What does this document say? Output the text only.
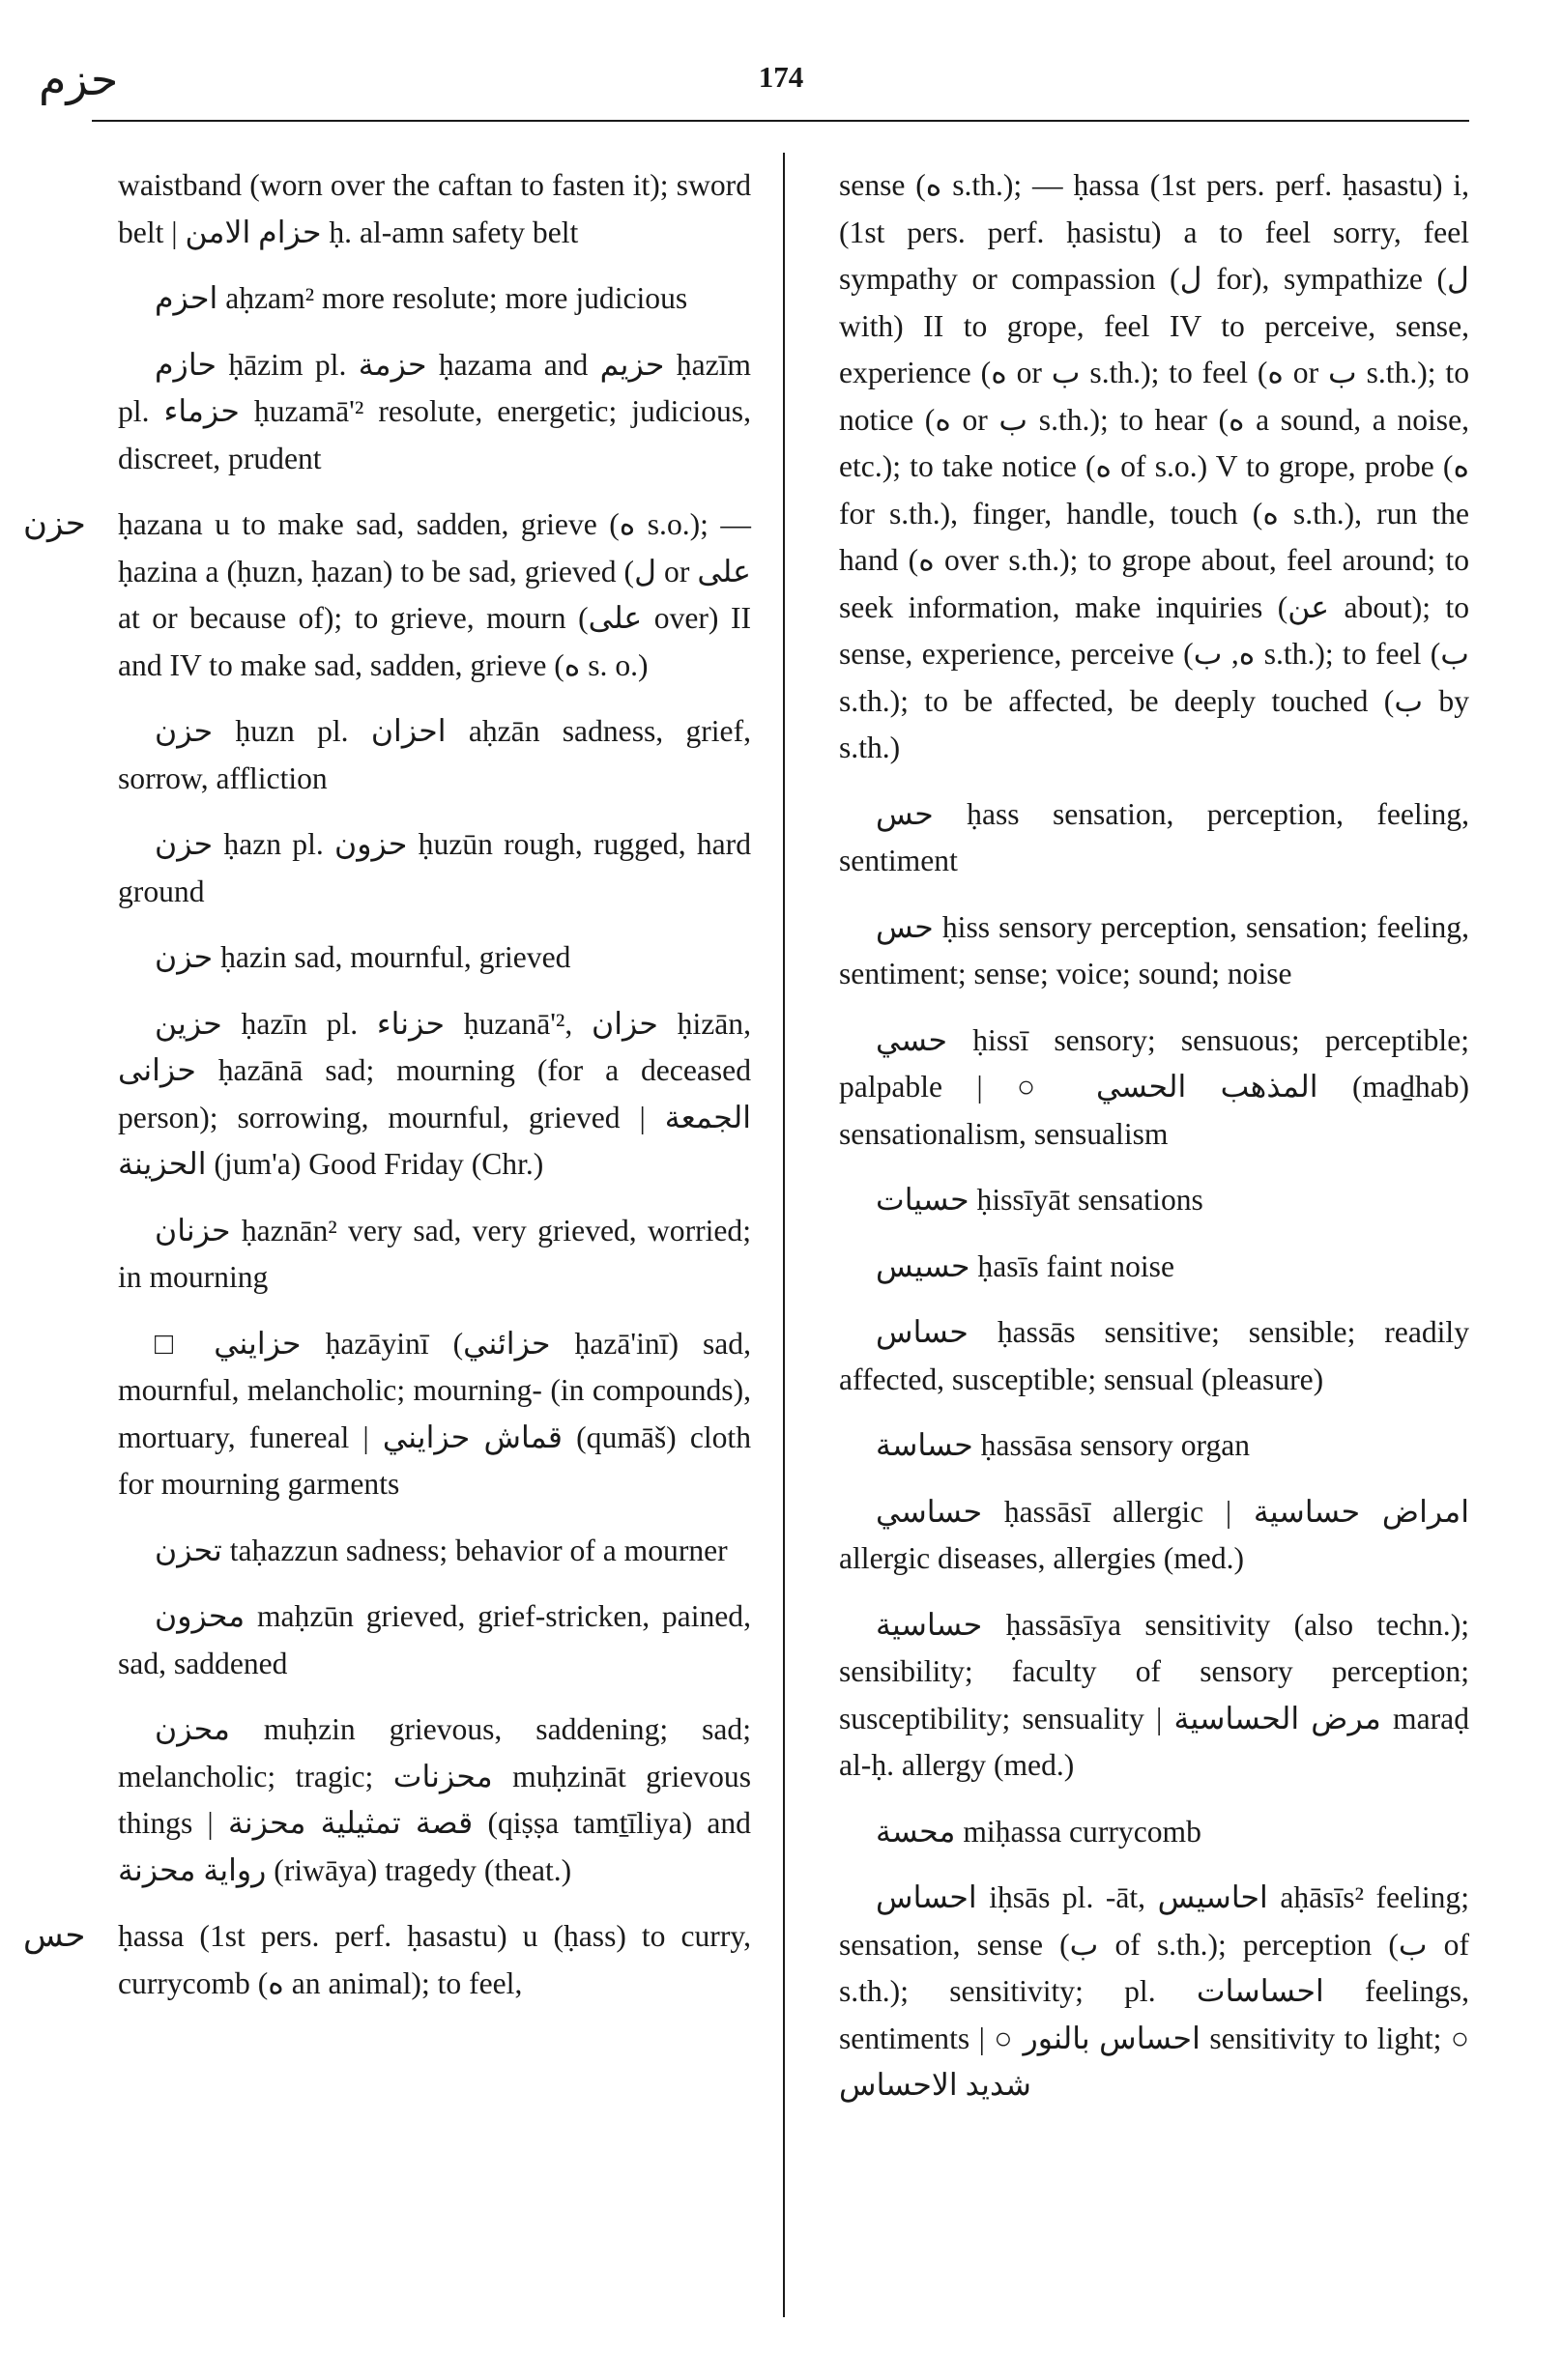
حزم	174
waistband (worn over the caftan to fasten it); sword belt | حزام الامن ḥ. al-amn safety belt
احزم aḥzam² more resolute; more judicious
حازم ḥāzim pl. حزمة ḥazama and حزيم ḥazīm pl. حزماء ḥuzamā'² resolute, energetic; judicious, discreet, prudent
حزن ḥazana u to make sad, sadden, grieve (ه s.o.); — ḥazina a (ḥuzn, ḥazan) to be sad, grieved (ل or على at or because of); to grieve, mourn (على over) II and IV to make sad, sadden, grieve (ه s. o.)
حزن ḥuzn pl. احزان aḥzān sadness, grief, sorrow, affliction
حزن ḥazn pl. حزون ḥuzūn rough, rugged, hard ground
حزن ḥazin sad, mournful, grieved
حزين ḥazīn pl. حزناء ḥuzanā'², حزان ḥizān, حزانى ḥazānā sad; mourning (for a deceased person); sorrowing, mournful, grieved | الجمعة الحزينة (jum'a) Good Friday (Chr.)
حزنان ḥaznān² very sad, very grieved, worried; in mourning
□ حزايني ḥazāyinī (حزائني ḥazā'inī) sad, mournful, melancholic; mourning- (in compounds), mortuary, funereal | قماش حزايني (qumāš) cloth for mourning garments
تحزن taḥazzun sadness; behavior of a mourner
محزون maḥzūn grieved, grief-stricken, pained, sad, saddened
محزن muḥzin grievous, saddening; sad; melancholic; tragic; محزنات muḥzināt grievous things | قصة تمثيلية محزنة (qiṣṣa tamṯīliya) and رواية محزنة (riwāya) tragedy (theat.)
حس ḥassa (1st pers. perf. ḥasastu) u (ḥass) to curry, currycomb (ه an animal); to feel,
sense (ه s.th.); — ḥassa (1st pers. perf. ḥasastu) i, (1st pers. perf. ḥasistu) a to feel sorry, feel sympathy or compassion (ل for), sympathize (ل with) II to grope, feel IV to perceive, sense, experience (ه or ب s.th.); to feel (ه or ب s.th.); to notice (ه or ب s.th.); to hear (ه a sound, a noise, etc.); to take notice (ه of s.o.) V to grope, probe (ه for s.th.), finger, handle, touch (ه s.th.), run the hand (ه over s.th.); to grope about, feel around; to seek information, make inquiries (عن about); to sense, experience, perceive (ه, ب s.th.); to feel (ب s.th.); to be affected, be deeply touched (ب by s.th.)
حس ḥass sensation, perception, feeling, sentiment
حس ḥiss sensory perception, sensation; feeling, sentiment; sense; voice; sound; noise
حسي ḥissī sensory; sensuous; perceptible; palpable | ○ المذهب الحسي (maḏhab) sensationalism, sensualism
حسيات ḥissīyāt sensations
حسيس ḥasīs faint noise
حساس ḥassās sensitive; sensible; readily affected, susceptible; sensual (pleasure)
حساسة ḥassāsa sensory organ
حساسي ḥassāsī allergic | امراض حساسية allergic diseases, allergies (med.)
حساسية ḥassāsīya sensitivity (also techn.); sensibility; faculty of sensory perception; susceptibility; sensuality | مرض الحساسية maraḍ al-ḥ. allergy (med.)
محسة miḥassa currycomb
احساس iḥsās pl. -āt, احاسيس aḥāsīs² feeling; sensation, sense (ب of s.th.); perception (ب of s.th.); sensitivity; pl. احساسات feelings, sentiments | ○ احساس بالنور sensitivity to light; ○ شديد الاحساس
